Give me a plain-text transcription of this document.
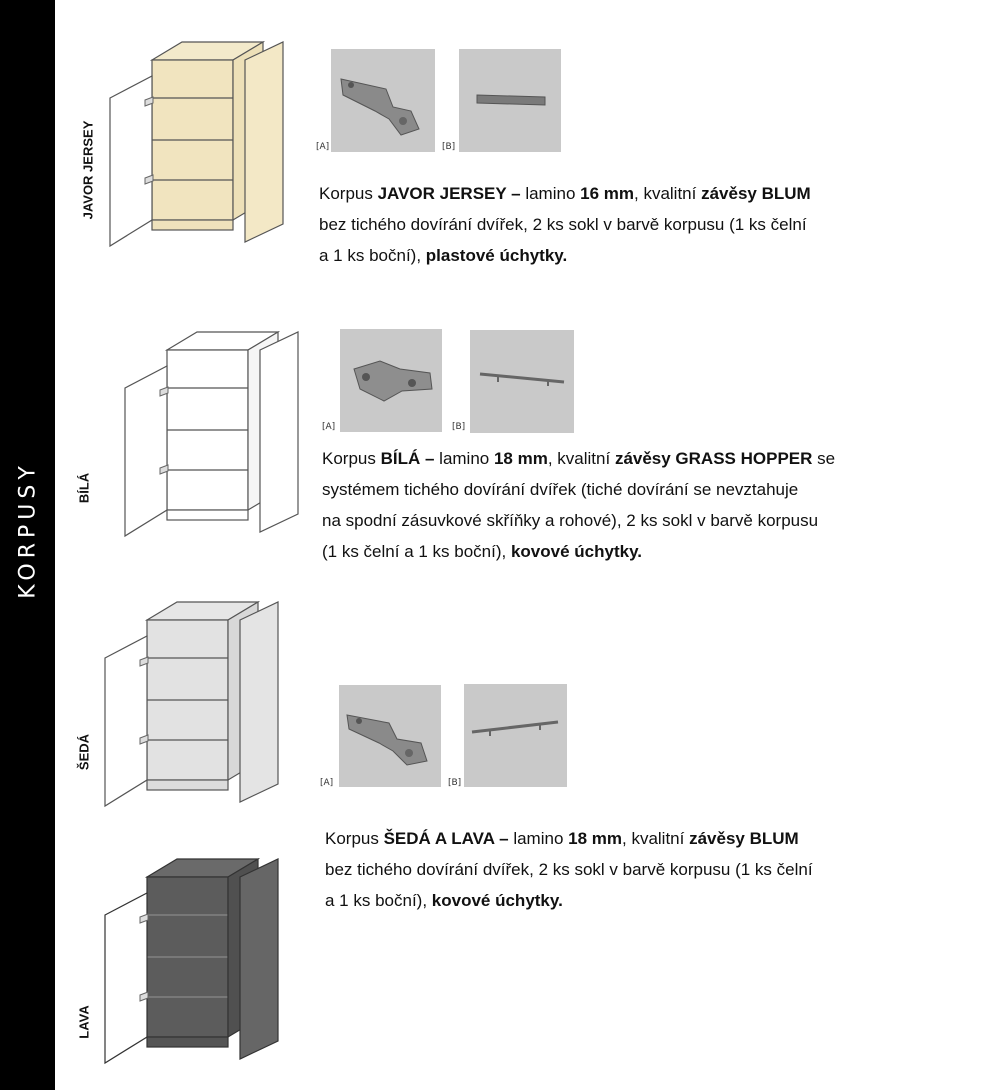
KORPUSY
JAVOR JERSEY
BÍLÁ
ŠEDÁ
LAVA
[A]	[B]
[A]	[B]
[A]	[B]
Korpus JAVOR JERSEY – lamino 16 mm, kvalitní závěsy BLUM
bez tichého dovírání dvířek, 2 ks sokl v barvě korpusu (1 ks čelní
a 1 ks boční), plastové úchytky.
Korpus BÍLÁ – lamino 18 mm, kvalitní závěsy GRASS HOPPER se
systémem tichého dovírání dvířek (tiché dovírání se nevztahuje
na spodní zásuvkové skříňky a rohové), 2 ks sokl v barvě korpusu
(1 ks čelní a 1 ks boční), kovové úchytky.
Korpus ŠEDÁ A LAVA – lamino 18 mm, kvalitní závěsy BLUM
bez tichého dovírání dvířek, 2 ks sokl v barvě korpusu (1 ks čelní
a 1 ks boční), kovové úchytky.
